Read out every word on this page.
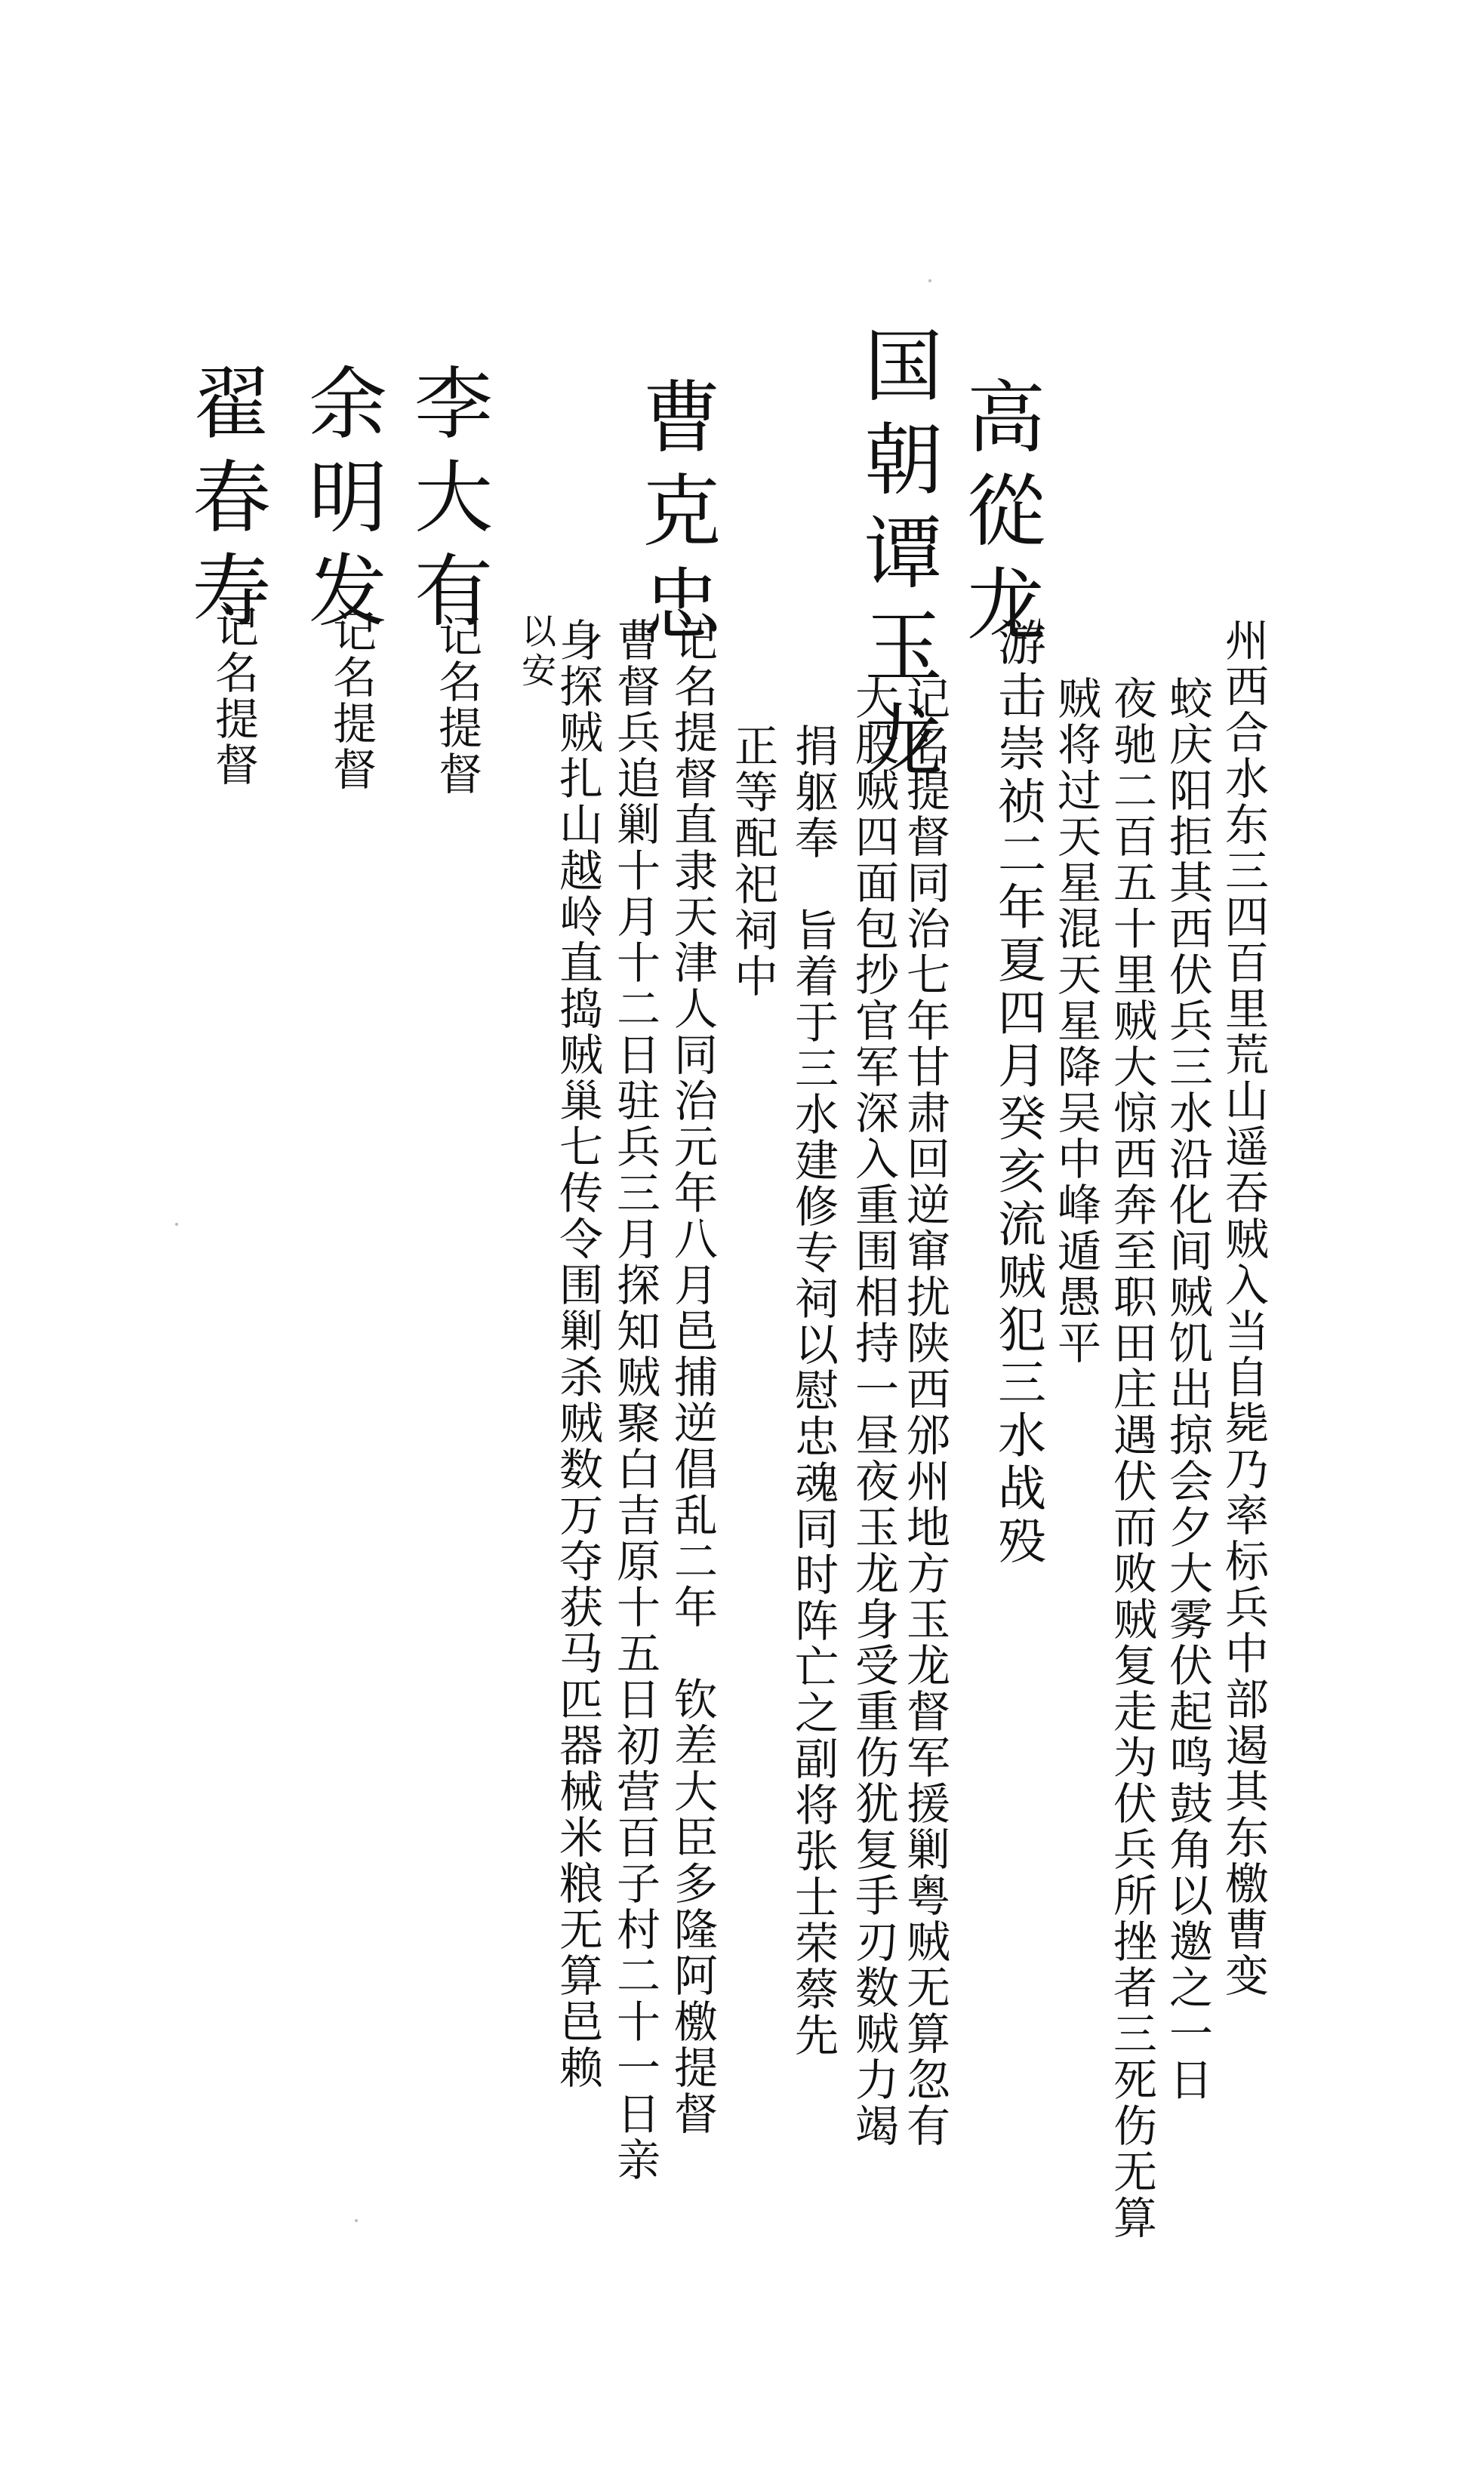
州西合水东三四百里荒山遥吞贼入当自毙乃率标兵中部遏其东檄曹变
蛟庆阳拒其西伏兵三水沿化间贼饥出掠会夕大雾伏起鸣鼓角以邀之一日
夜驰二百五十里贼大惊西奔至职田庄遇伏而败贼复走为伏兵所挫者三死伤无算
贼将过天星混天星降吴中峰遁愚平
游击崇祯二年夏四月癸亥流贼犯三水战殁
高從龙
大股贼四面包抄官军深入重围相持一昼夜玉龙身受重伤犹复手刃数贼力竭 记名提督同治七年甘肃回逆窜扰陕西邠州地方玉龙督军援剿粤贼无算忽有
捐躯奉　旨着于三水建修专祠以慰忠魂同时阵亡之副将张士荣蔡先
正等配祀祠中
国朝谭玉龙
记名提督直隶天津人同治元年八月邑捕逆倡乱二年　钦差大臣多隆阿檄提督
曹督兵追剿十月十二日驻兵三月探知贼聚白吉原十五日初营百子村二十一日亲
身探贼扎山越岭直捣贼巢七传令围剿杀贼数万夺获马匹器械米粮无算邑赖
以安 曹克忠
记名提督
李大有
记名提督
余明发
记名提督
翟春寿
